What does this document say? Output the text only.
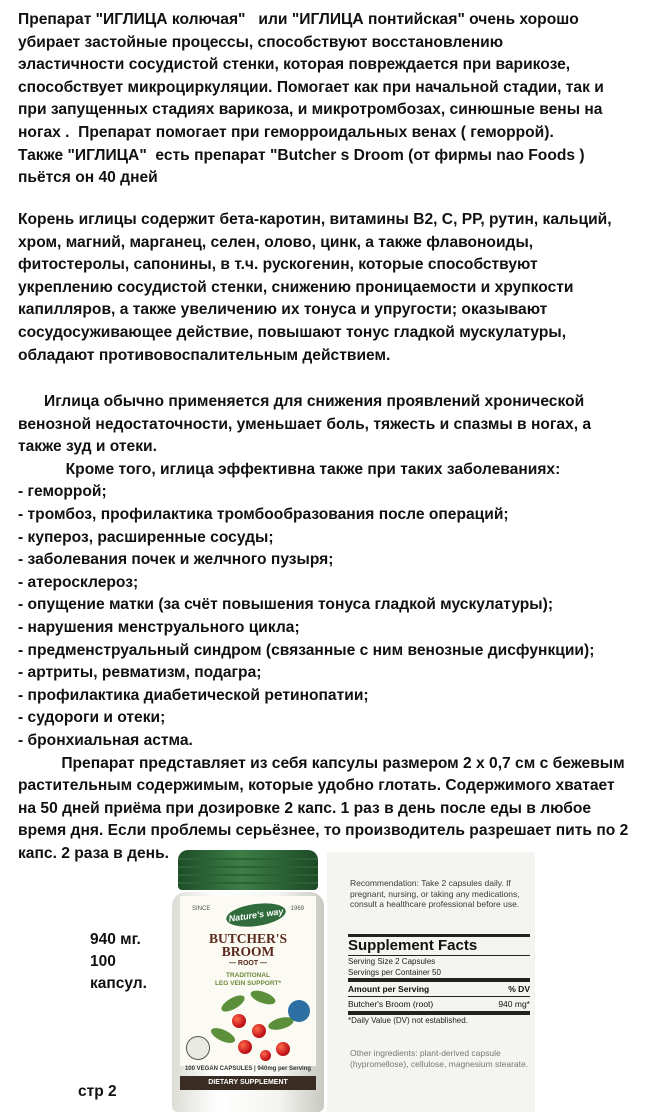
Препарат "ИГЛИЦА колючая"   или "ИГЛИЦА понтийская" очень хорошо
убирает застойные процессы, способствуют восстановлению
эластичности сосудистой стенки, которая повреждается при варикозе,
способствует микроциркуляции. Помогает как при начальной стадии, так и
при запущенных стадиях варикоза, и микротромбозах, синюшные вены на
ногах .  Препарат помогает при геморроидальных венах ( геморрой).
Также "ИГЛИЦА"  есть препарат "Butcher s Droom (от фирмы nao Foods )
пьётся он 40 дней
Корень иглицы содержит бета-каротин, витамины В2, С, РР, рутин, кальций,
хром, магний, марганец, селен, олово, цинк, а также флавоноиды,
фитостеролы, сапонины, в т.ч. рускогенин, которые способствуют
укреплению сосудистой стенки, снижению проницаемости и хрупкости
капилляров, а также увеличению их тонуса и упругости; оказывают
сосудосуживающее действие, повышают тонус гладкой мускулатуры,
обладают противовоспалительным действием.
Иглица обычно применяется для снижения проявлений хронической
венозной недостаточности, уменьшает боль, тяжесть и спазмы в ногах, а
также зуд и отеки.
Кроме того, иглица эффективна также при таких заболеваниях:
- геморрой;
- тромбоз, профилактика тромбообразования после операций;
- купероз, расширенные сосуды;
- заболевания почек и желчного пузыря;
- атеросклероз;
- опущение матки (за счёт повышения тонуса гладкой мускулатуры);
- нарушения менструального цикла;
- предменструальный синдром (связанные с ним венозные дисфункции);
- артриты, ревматизм, подагра;
- профилактика диабетической ретинопатии;
- судороги и отеки;
- бронхиальная астма.
Препарат представляет из себя капсулы размером 2 х 0,7 см с бежевым
растительным содержимым, которые удобно глотать. Содержимого хватает
на 50 дней приёма при дозировке 2 капс. 1 раз в день после еды в любое
время дня. Если проблемы серьёзнее, то производитель разрешает пить по 2
капс. 2 раза в день.
940 мг.
100
капсул.
SINCE	1969
Nature's way
BUTCHER'S
BROOM
— ROOT —
TRADITIONAL
LEG VEIN SUPPORT*
100 VEGAN CAPSULES | 940mg per Serving
DIETARY SUPPLEMENT
Recommendation: Take 2 capsules daily. If pregnant, nursing, or taking any medications, consult a healthcare professional before use.
Supplement Facts
Serving Size 2 Capsules
Servings per Container 50
Amount per Serving	% DV
Butcher's Broom (root)	940 mg*
*Daily Value (DV) not established.
Other ingredients: plant-derived capsule (hypromellose), cellulose, magnesium stearate.
стр 2
